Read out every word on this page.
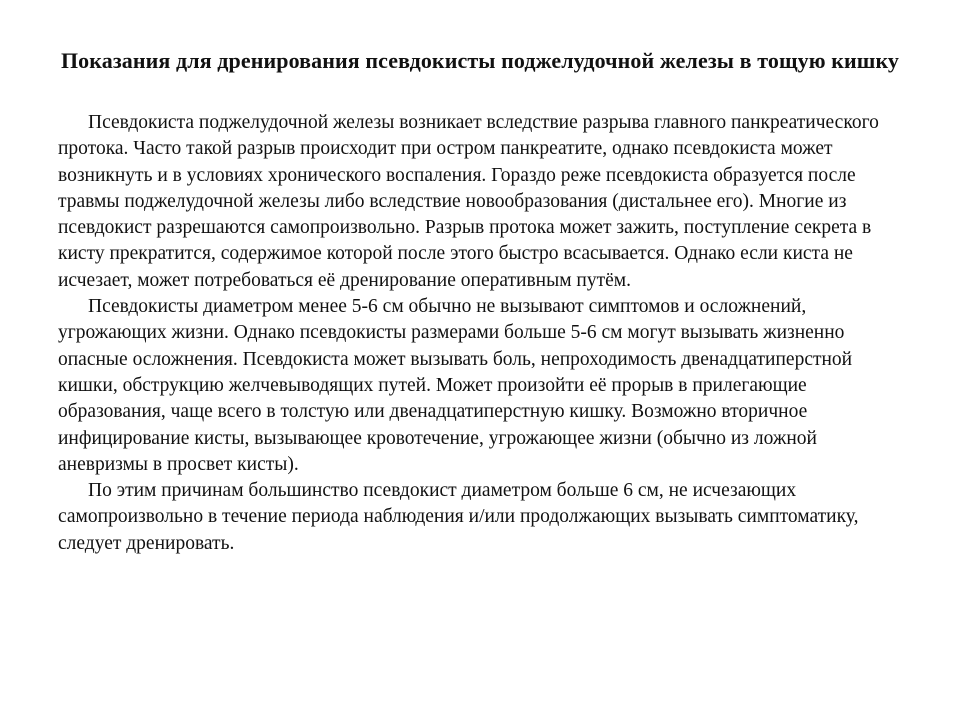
Показания для дренирования псевдокисты поджелудочной железы в тощую кишку

Псевдокиста поджелудочной железы возникает вследствие разрыва главного панкреатического протока. Часто такой разрыв происходит при остром панкреатите, однако псевдокиста может возникнуть и в условиях хронического воспаления. Гораздо реже псевдокиста образуется после травмы поджелудочной железы либо вследствие новообразования (дистальнее его). Многие из псевдокист разрешаются самопроизвольно. Разрыв протока может зажить, поступление секрета в кисту прекратится, содержимое которой после этого быстро всасывается. Однако если киста не исчезает, может потребоваться её дренирование оперативным путём.

Псевдокисты диаметром менее 5-6 см обычно не вызывают симптомов и осложнений, угрожающих жизни. Однако псевдокисты размерами больше 5-6 см могут вызывать жизненно опасные осложнения. Псевдокиста может вызывать боль, непроходимость двенадцатиперстной кишки, обструкцию желчевыводящих путей. Может произойти её прорыв в прилегающие образования, чаще всего в толстую или двенадцатиперстную кишку. Возможно вторичное инфицирование кисты, вызывающее кровотечение, угрожающее жизни (обычно из ложной аневризмы в просвет кисты).

По этим причинам большинство псевдокист диаметром больше 6 см, не исчезающих самопроизвольно в течение периода наблюдения и/или продолжающих вызывать симптоматику, следует дренировать.
